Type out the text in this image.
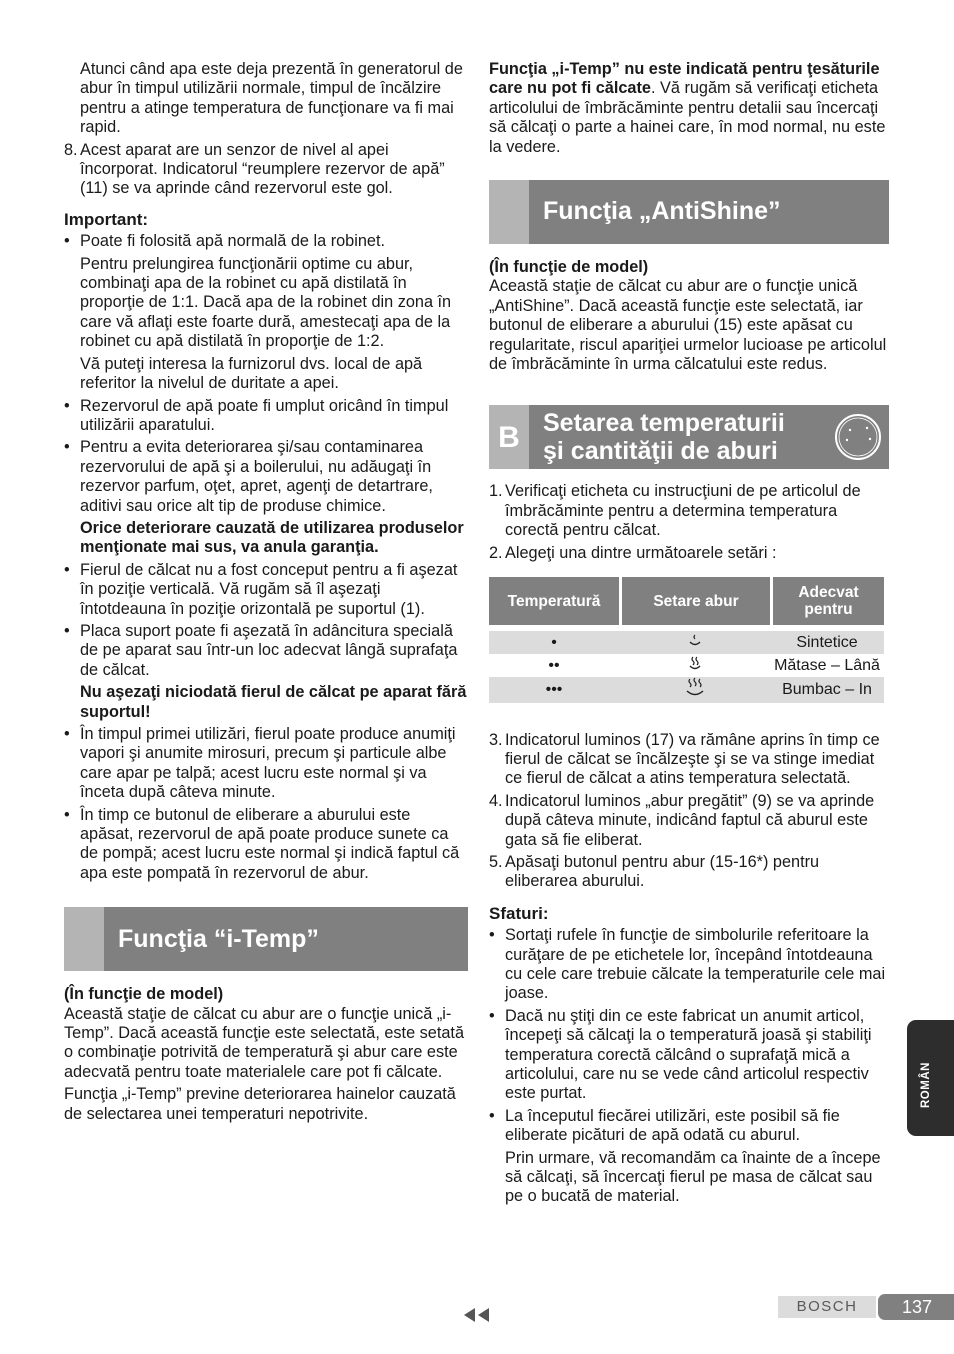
Atunci când apa este deja prezentă în generatorul de abur în timpul utilizării normale, timpul de încălzire pentru a atinge temperatura de funcţionare va fi mai rapid.

8. Acest aparat are un senzor de nivel al apei încorporat. Indicatorul “reumplere rezervor de apă” (11) se va aprinde când rezervorul este gol.

Important:

• Poate fi folosită apă normală de la robinet.

Pentru prelungirea funcţionării optime cu abur, combinaţi apa de la robinet cu apă distilată în proporţie de 1:1. Dacă apa de la robinet din zona în care vă aflaţi este foarte dură, amestecaţi apa de la robinet cu apă distilată în proporţie de 1:2.

Vă puteţi interesa la furnizorul dvs. local de apă referitor la nivelul de duritate a apei.

• Rezervorul de apă poate fi umplut oricând în timpul utilizării aparatului.

• Pentru a evita deteriorarea şi/sau contaminarea rezervorului de apă şi a boilerului, nu adăugaţi în rezervor parfum, oţet, apret, agenţi de detartrare, aditivi sau orice alt tip de produse chimice.

Orice deteriorare cauzată de utilizarea produselor menţionate mai sus, va anula garanţia.

• Fierul de călcat nu a fost conceput pentru a fi aşezat în poziţie verticală. Vă rugăm să îl aşezaţi întotdeauna în poziţie orizontală pe suportul (1).

• Placa suport poate fi aşezată în adâncitura specială de pe aparat sau într-un loc adecvat lângă suprafaţa de călcat.

Nu aşezaţi niciodată fierul de călcat pe aparat fără suportul!

• În timpul primei utilizări, fierul poate produce anumiţi vapori şi anumite mirosuri, precum şi particule albe care apar pe talpă; acest lucru este normal şi va înceta după câteva minute.

• În timp ce butonul de eliberare a aburului este apăsat, rezervorul de apă poate produce sunete ca de pompă; acest lucru este normal şi indică faptul că apa este pompată în rezervorul de abur.

Funcţia “i-Temp”

(În funcţie de model)

Această staţie de călcat cu abur are o funcţie unică „i-Temp”. Dacă această funcţie este selectată, este setată o combinaţie potrivită de temperatură şi abur care este adecvată pentru toate materialele care pot fi călcate.

Funcţia „i-Temp” previne deteriorarea hainelor cauzată de selectarea unei temperaturi nepotrivite.

Funcţia „i-Temp” nu este indicată pentru ţesăturile care nu pot fi călcate. Vă rugăm să verificaţi eticheta articolului de îmbrăcăminte pentru detalii sau încercaţi să călcaţi o parte a hainei care, în mod normal, nu este la vedere.

Funcţia „AntiShine”

(În funcţie de model)

Această staţie de călcat cu abur are o funcţie unică „AntiShine”. Dacă această funcţie este selectată, iar butonul de eliberare a aburului (15) este apăsat cu regularitate, riscul apariţiei urmelor lucioase pe articolul de îmbrăcăminte în urma călcatului este redus.

B Setarea temperaturii
şi cantităţii de aburi
1. Verificaţi eticheta cu instrucţiuni de pe articolul de îmbrăcăminte pentru a determina temperatura corectă pentru călcat.

2. Alegeţi una dintre următoarele setări :

Temperatură	Setare abur	Adecvat pentru

•		Sintetice
••		Mătase – Lână
•••		Bumbac – In
3. Indicatorul luminos (17) va rămâne aprins în timp ce fierul de călcat se încălzeşte şi se va stinge imediat ce fierul de călcat a atins temperatura selectată.

4. Indicatorul luminos „abur pregătit” (9) se va aprinde după câteva minute, indicând faptul că aburul este gata să fie eliberat.

5. Apăsaţi butonul pentru abur (15-16*) pentru eliberarea aburului.

Sfaturi:

• Sortaţi rufele în funcţie de simbolurile referitoare la curăţare de pe etichetele lor, începând întotdeauna cu cele care trebuie călcate la temperaturile cele mai joase.

• Dacă nu ştiţi din ce este fabricat un anumit articol, începeţi să călcaţi la o temperatură joasă şi stabiliţi temperatura corectă călcând o suprafaţă mică a articolului, care nu se vede când articolul respectiv este purtat.

• La începutul fiecărei utilizări, este posibil să fie eliberate picături de apă odată cu aburul.

Prin urmare, vă recomandăm ca înainte de a începe să călcaţi, să încercaţi fierul pe masa de călcat sau pe o bucată de material.

ROMÂN
BOSCH	137
